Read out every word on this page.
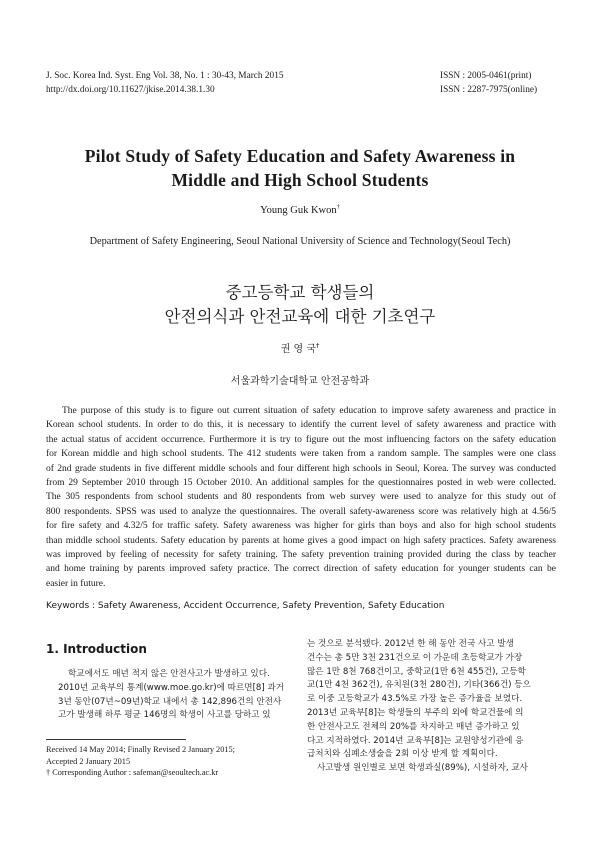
J. Soc. Korea Ind. Syst. Eng Vol. 38, No. 1 : 30-43, March 2015
http://dx.doi.org/10.11627/jkise.2014.38.1.30
ISSN : 2005-0461(print)
ISSN : 2287-7975(online)
Pilot Study of Safety Education and Safety Awareness in
Middle and High School Students
Young Guk Kwon†
Department of Safety Engineering, Seoul National University of Science and Technology(Seoul Tech)
중고등학교 학생들의
안전의식과 안전교육에 대한 기초연구
권 영 국†
서울과학기술대학교 안전공학과
The purpose of this study is to figure out current situation of safety education to improve safety awareness and practice in
Korean school students. In order to do this, it is necessary to identify the current level of safety awareness and practice with
the actual status of accident occurrence. Furthermore it is try to figure out the most influencing factors on the safety education
for Korean middle and high school students. The 412 students were taken from a random sample. The samples were one class
of 2nd grade students in five different middle schools and four different high schools in Seoul, Korea. The survey was conducted
from 29 September 2010 through 15 October 2010. An additional samples for the questionnaires posted in web were collected.
The 305 respondents from school students and 80 respondents from web survey were used to analyze for this study out of
800 respondents. SPSS was used to analyze the questionnaires. The overall safety-awareness score was relatively high at 4.56/5
for fire safety and 4.32/5 for traffic safety. Safety awareness was higher for girls than boys and also for high school students
than middle school students. Safety education by parents at home gives a good impact on high safety practices. Safety awareness
was improved by feeling of necessity for safety training. The safety prevention training provided during the class by teacher
and home training by parents improved safety practice. The correct direction of safety education for younger students can be
easier in future.
Keywords : Safety Awareness, Accident Occurrence, Safety Prevention, Safety Education
1. Introduction
학교에서도 매년 적지 않은 안전사고가 발생하고 있다.
2010년 교육부의 통계(www.moe.go.kr)에 따르면[8] 과거
3년 동안(07년~09년)학교 내에서 총 142,896건의 안전사
고가 발생해 하루 평균 146명의 학생이 사고를 당하고 있
는 것으로 분석됐다. 2012년 한 해 동안 전국 사고 발생
건수는 총 5만 3천 231건으로 이 가운데 초등학교가 가장
많은 1만 8천 768건이고, 중학교(1만 6천 455건), 고등학
교(1만 4천 362건), 유치원(3천 280건), 기타(366건) 등으
로 이중 고등학교가 43.5%로 가장 높은 증가율을 보였다.
2013년 교육부[8]는 학생들의 부주의 외에 학교건물에 의
한 안전사고도 전체의 20%를 차지하고 매년 증가하고 있
다고 지적하였다. 2014년 교육부[8]는 교원양성기관에 응
급처치와 심폐소생술을 2회 이상 받게 할 계획이다.
사고발생 원인별로 보면 학생과실(89%), 시설하자, 교사
Received 14 May 2014; Finally Revised 2 January 2015;
Accepted 2 January 2015
† Corresponding Author : safeman@seoultech.ac.kr
